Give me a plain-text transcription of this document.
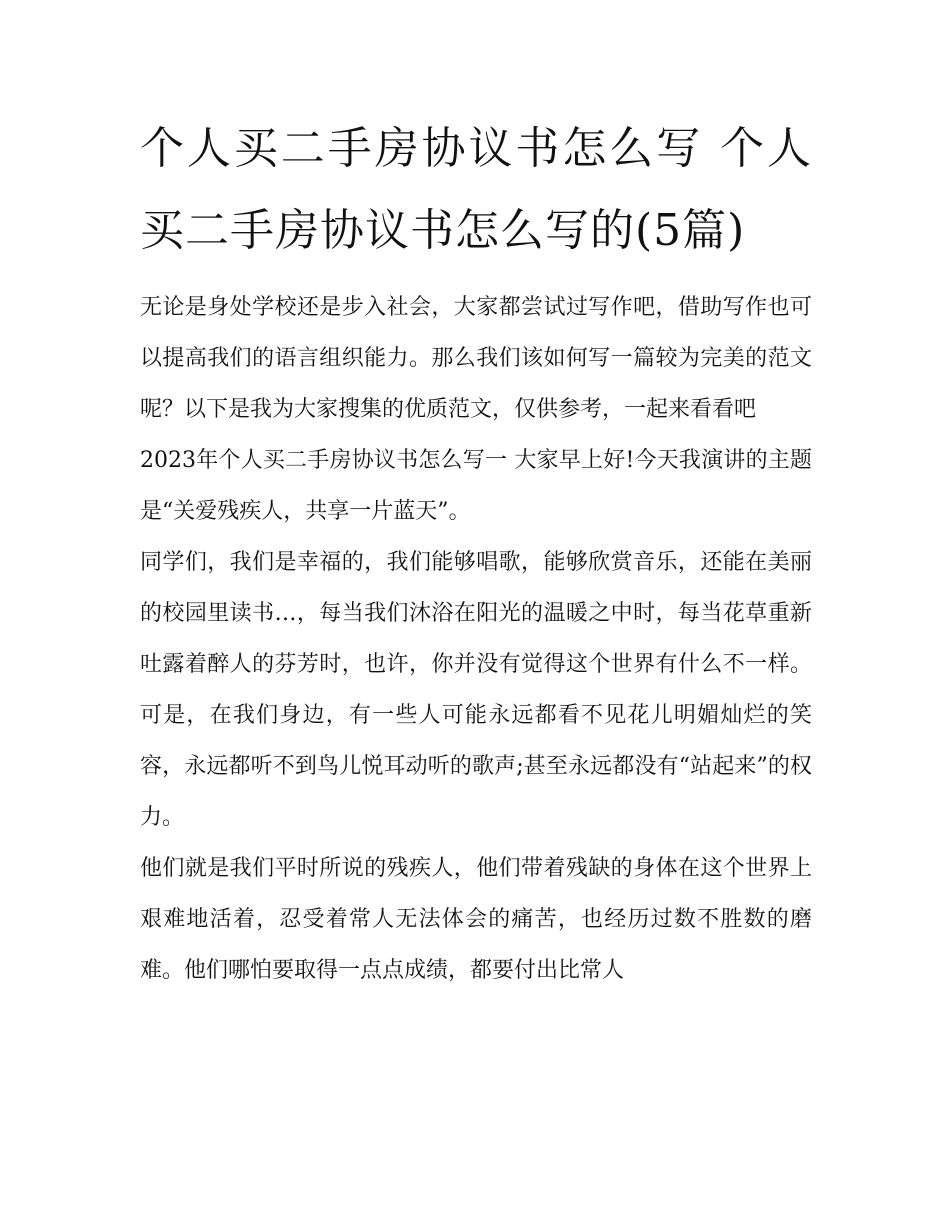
个人买二手房协议书怎么写 个人买二手房协议书怎么写的(5篇)

无论是身处学校还是步入社会，大家都尝试过写作吧，借助写作也可以提高我们的语言组织能力。那么我们该如何写一篇较为完美的范文呢？以下是我为大家搜集的优质范文，仅供参考，一起来看看吧

2023年个人买二手房协议书怎么写一 大家早上好!今天我演讲的主题是“关爱残疾人，共享一片蓝天”。

同学们，我们是幸福的，我们能够唱歌，能够欣赏音乐，还能在美丽的校园里读书…，每当我们沐浴在阳光的温暖之中时，每当花草重新吐露着醉人的芬芳时，也许，你并没有觉得这个世界有什么不一样。可是，在我们身边，有一些人可能永远都看不见花儿明媚灿烂的笑容，永远都听不到鸟儿悦耳动听的歌声;甚至永远都没有“站起来”的权力。

他们就是我们平时所说的残疾人，他们带着残缺的身体在这个世界上艰难地活着，忍受着常人无法体会的痛苦，也经历过数不胜数的磨难。他们哪怕要取得一点点成绩，都要付出比常人
